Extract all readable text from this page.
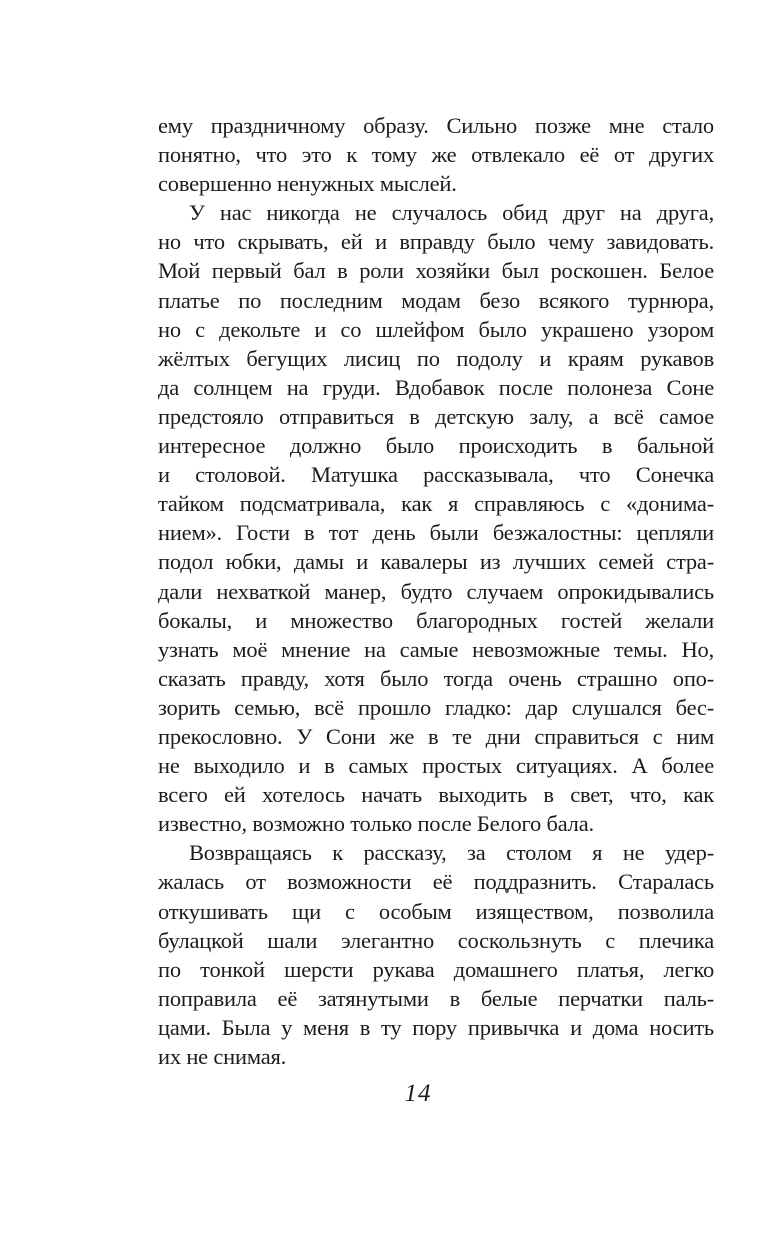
ему праздничному образу. Сильно позже мне стало
понятно, что это к тому же отвлекало её от других
совершенно ненужных мыслей.

У нас никогда не случалось обид друг на друга,
но что скрывать, ей и вправду было чему завидовать.
Мой первый бал в роли хозяйки был роскошен. Белое
платье по последним модам безо всякого турнюра,
но с декольте и со шлейфом было украшено узором
жёлтых бегущих лисиц по подолу и краям рукавов
да солнцем на груди. Вдобавок после полонеза Соне
предстояло отправиться в детскую залу, а всё самое
интересное должно было происходить в бальной
и столовой. Матушка рассказывала, что Сонечка
тайком подсматривала, как я справляюсь с «донима-
нием». Гости в тот день были безжалостны: цепляли
подол юбки, дамы и кавалеры из лучших семей стра-
дали нехваткой манер, будто случаем опрокидывались
бокалы, и множество благородных гостей желали
узнать моё мнение на самые невозможные темы. Но,
сказать правду, хотя было тогда очень страшно опо-
зорить семью, всё прошло гладко: дар слушался бес-
прекословно. У Сони же в те дни справиться с ним
не выходило и в самых простых ситуациях. А более
всего ей хотелось начать выходить в свет, что, как
известно, возможно только после Белого бала.

Возвращаясь к рассказу, за столом я не удер-
жалась от возможности её поддразнить. Старалась
откушивать щи с особым изяществом, позволила
булацкой шали элегантно соскользнуть с плечика
по тонкой шерсти рукава домашнего платья, легко
поправила её затянутыми в белые перчатки паль-
цами. Была у меня в ту пору привычка и дома носить
их не снимая.

14
